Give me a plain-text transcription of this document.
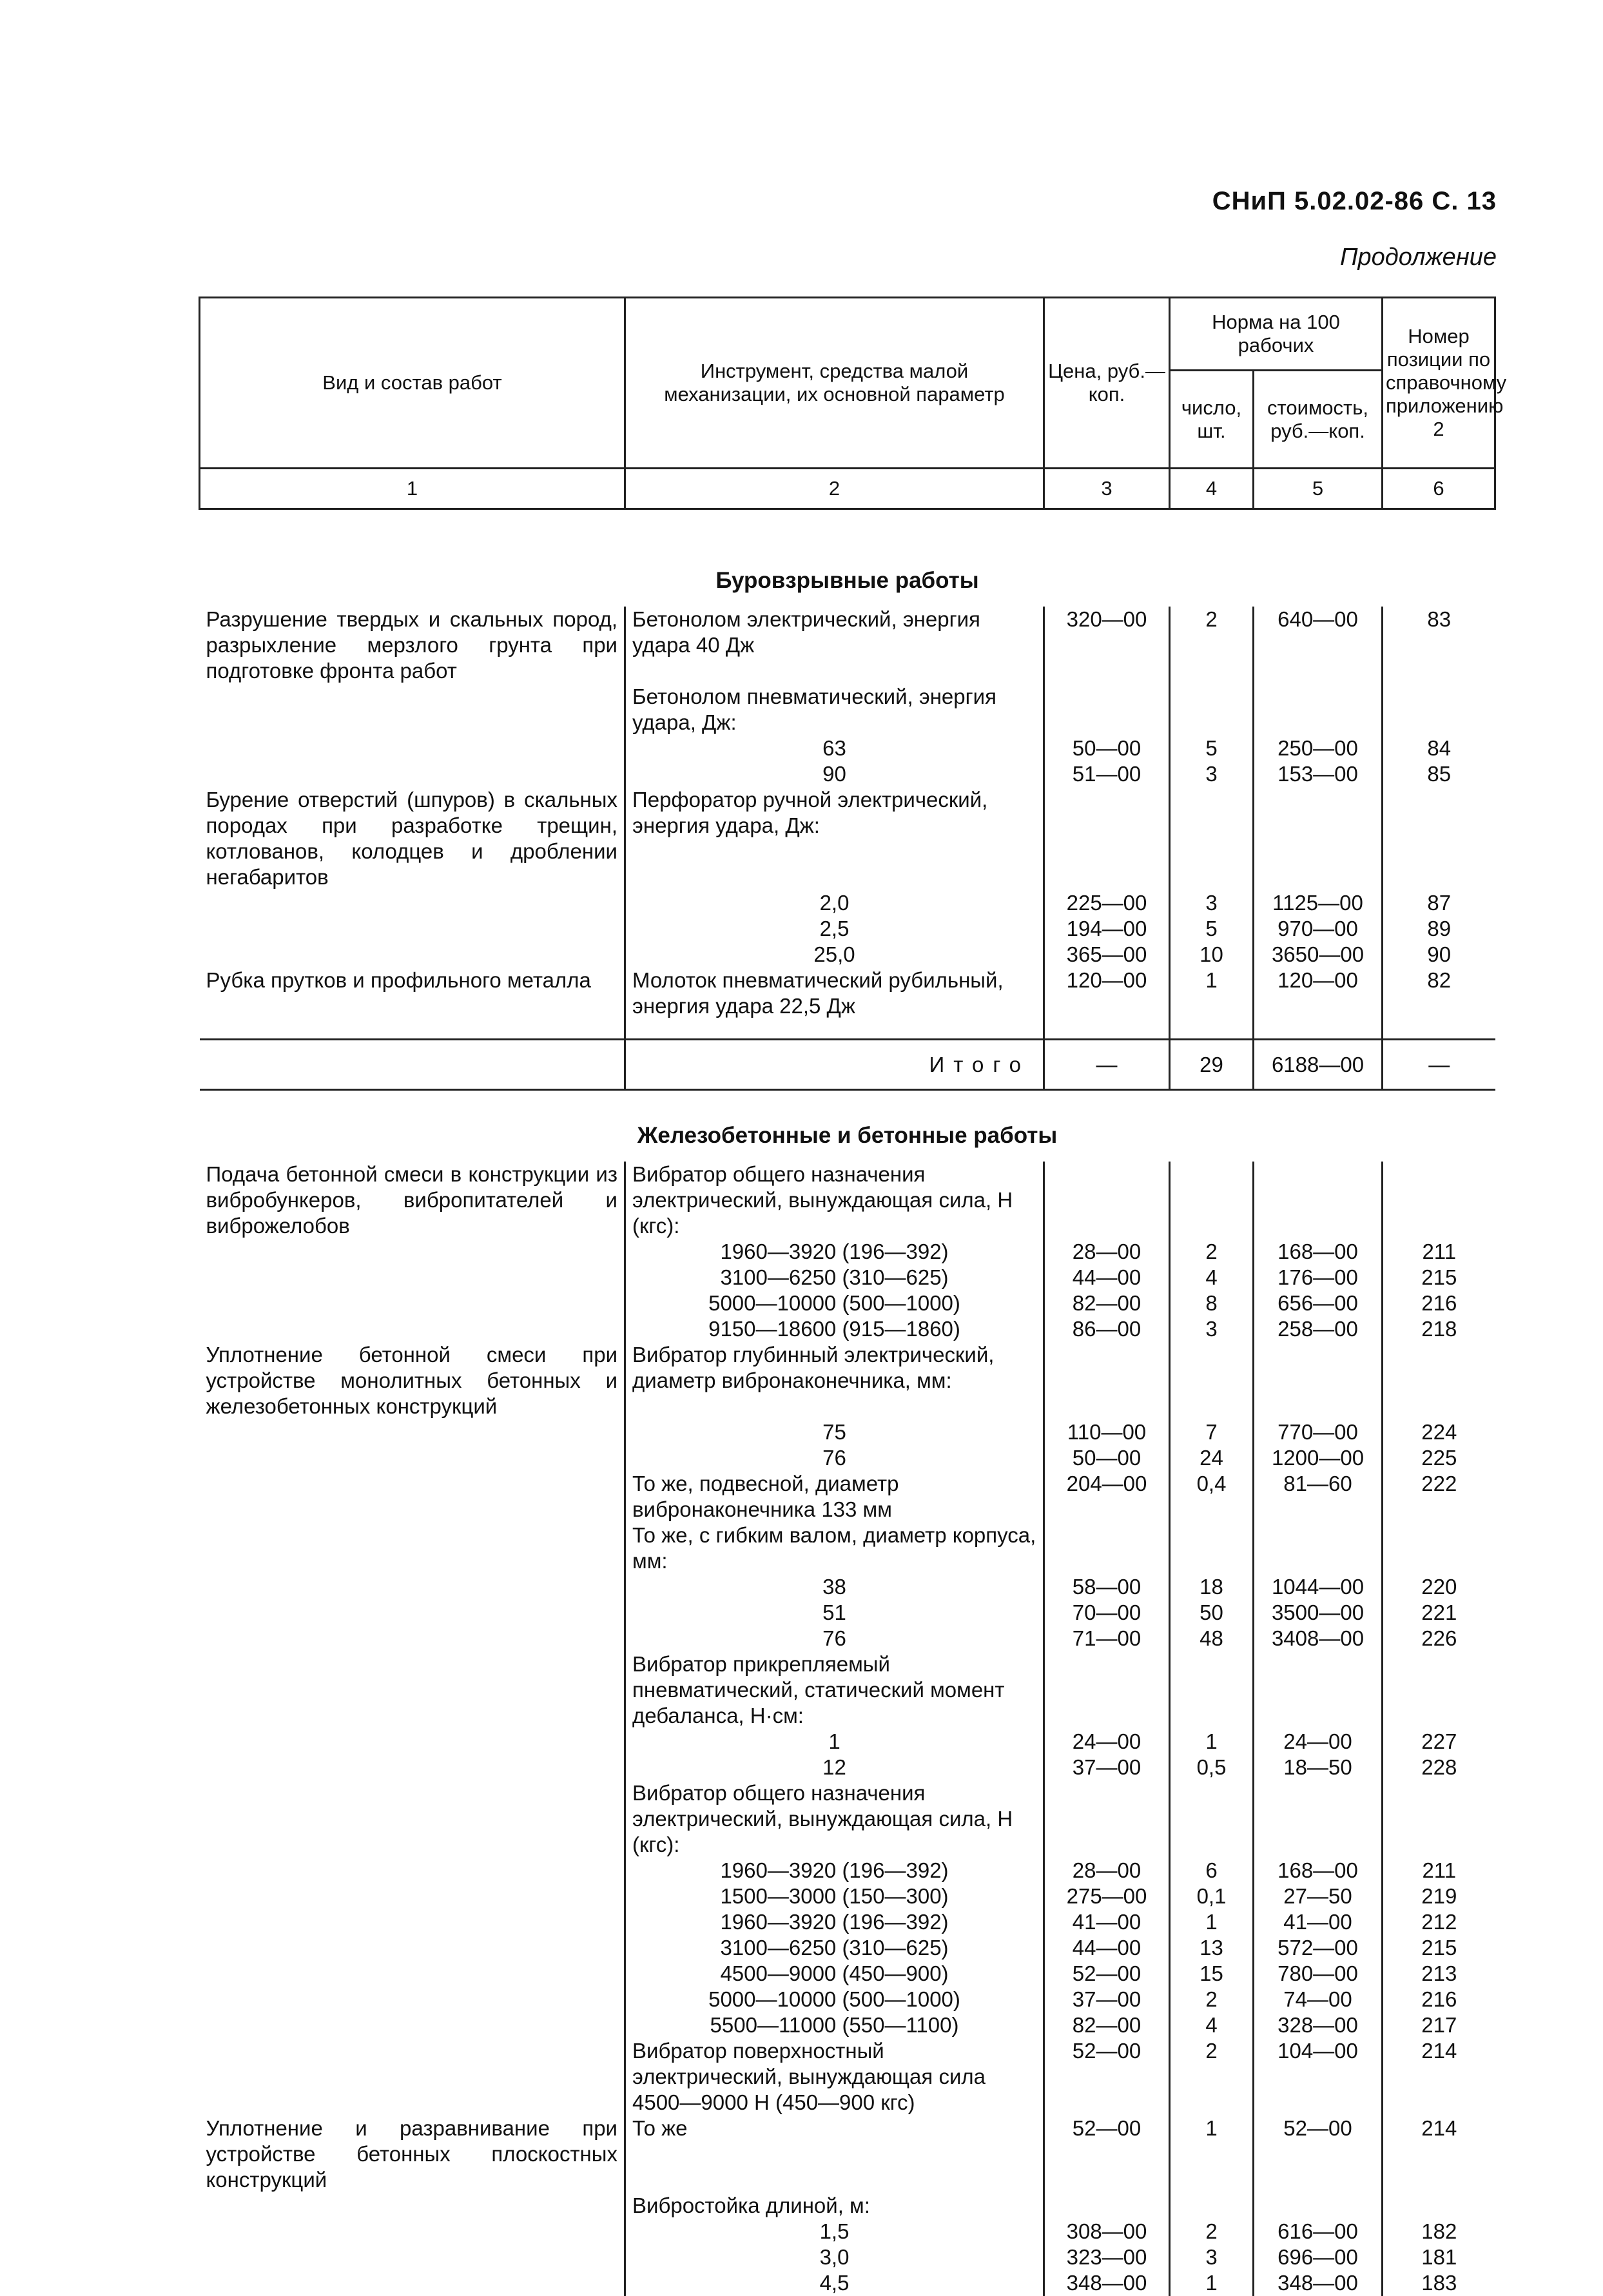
СНиП 5.02.02-86 С. 13
Продолжение
Вид и состав работ	Инструмент, средства малой механизации, их основной параметр	Цена, руб.—коп.	Норма на 100 рабочих		Номер позиции по справочному приложению 2
			число, шт.	стоимость, руб.—коп.	
1	2	3	4	5	6
Буровзрывные работы					
Разрушение твердых и скальных пород, разрыхление мерзлого грунта при подготовке фронта работ	Бетонолом электрический, энергия удара 40 Дж	320—00	2	640—00	83
	Бетонолом пневматический, энергия удара, Дж:				
	63	50—00	5	250—00	84
	90	51—00	3	153—00	85
Бурение отверстий (шпуров) в скальных породах при разработке трещин, котлованов, колодцев и дроблении негабаритов	Перфоратор ручной электрический, энергия удара, Дж:				
	2,0	225—00	3	1125—00	87
	2,5	194—00	5	970—00	89
	25,0	365—00	10	3650—00	90
Рубка прутков и профильного металла	Молоток пневматический рубильный, энергия удара 22,5 Дж	120—00	1	120—00	82

	Итого	—	29	6188—00	—
Железобетонные и бетонные работы					
Подача бетонной смеси в конструкции из вибробункеров, вибропитателей и виброжелобов	Вибратор общего назначения электрический, вынуждающая сила, Н (кгс):				
	1960—3920 (196—392)	28—00	2	168—00	211
	3100—6250 (310—625)	44—00	4	176—00	215
	5000—10000 (500—1000)	82—00	8	656—00	216
	9150—18600 (915—1860)	86—00	3	258—00	218
Уплотнение бетонной смеси при устройстве монолитных бетонных и железобетонных конструкций	Вибратор глубинный электрический, диаметр вибронаконечника, мм:				
	75	110—00	7	770—00	224
	76	50—00	24	1200—00	225
	То же, подвесной, диаметр вибронаконечника 133 мм	204—00	0,4	81—60	222
	То же, с гибким валом, диаметр корпуса, мм:				
	38	58—00	18	1044—00	220
	51	70—00	50	3500—00	221
	76	71—00	48	3408—00	226
	Вибратор прикрепляемый пневматический, статический момент дебаланса, Н·см:				
	1	24—00	1	24—00	227
	12	37—00	0,5	18—50	228
	Вибратор общего назначения электрический, вынуждающая сила, Н (кгс):				
	1960—3920 (196—392)	28—00	6	168—00	211
	1500—3000 (150—300)	275—00	0,1	27—50	219
	1960—3920 (196—392)	41—00	1	41—00	212
	3100—6250 (310—625)	44—00	13	572—00	215
	4500—9000 (450—900)	52—00	15	780—00	213
	5000—10000 (500—1000)	37—00	2	74—00	216
	5500—11000 (550—1100)	82—00	4	328—00	217
	Вибратор поверхностный электрический, вынуждающая сила 4500—9000 Н (450—900 кгс)	52—00	2	104—00	214
Уплотнение и разравнивание при устройстве бетонных плоскостных конструкций	То же	52—00	1	52—00	214
	Виброcтойка длиной, м:				
	1,5	308—00	2	616—00	182
	3,0	323—00	3	696—00	181
	4,5	348—00	1	348—00	183
